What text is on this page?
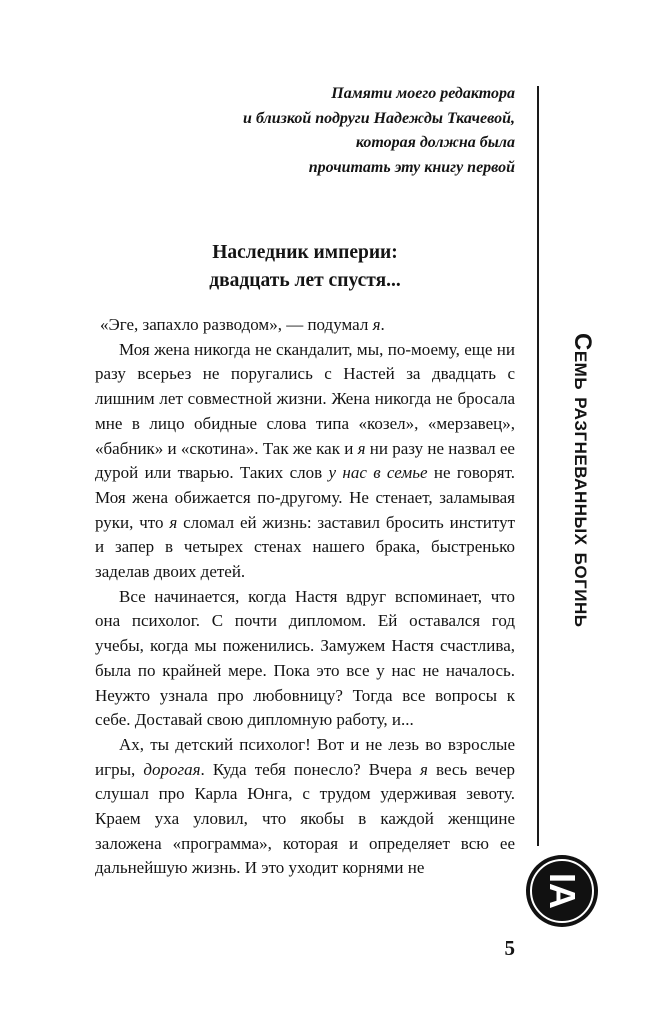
Памяти моего редактора
и близкой подруги Надежды Ткачевой,
которая должна была
прочитать эту книгу первой
Наследник империи:
двадцать лет спустя...

«Эге, запахло разводом», — подумал я.

Моя жена никогда не скандалит, мы, по-моему, еще ни разу всерьез не поругались с Настей за двадцать с лишним лет совместной жизни. Жена никогда не бросала мне в лицо обидные слова типа «козел», «мерзавец», «бабник» и «скотина». Так же как и я ни разу не назвал ее дурой или тварью. Таких слов у нас в семье не говорят. Моя жена обижается по-другому. Не стенает, заламывая руки, что я сломал ей жизнь: заставил бросить институт и запер в четырех стенах нашего брака, быстренько заделав двоих детей.

Все начинается, когда Настя вдруг вспоминает, что она психолог. С почти дипломом. Ей оставался год учебы, когда мы поженились. Замужем Настя счастлива, была по крайней мере. Пока это все у нас не началось. Неужто узнала про любовницу? Тогда все вопросы к себе. Доставай свою дипломную работу, и...

Ах, ты детский психолог! Вот и не лезь во взрослые игры, дорогая. Куда тебя понесло? Вчера я весь вечер слушал про Карла Юнга, с трудом удерживая зевоту. Краем уха уловил, что якобы в каждой женщине заложена «программа», которая и определяет всю ее дальнейшую жизнь. И это уходит корнями не

Семь разгневанных богинь
ІА
5
